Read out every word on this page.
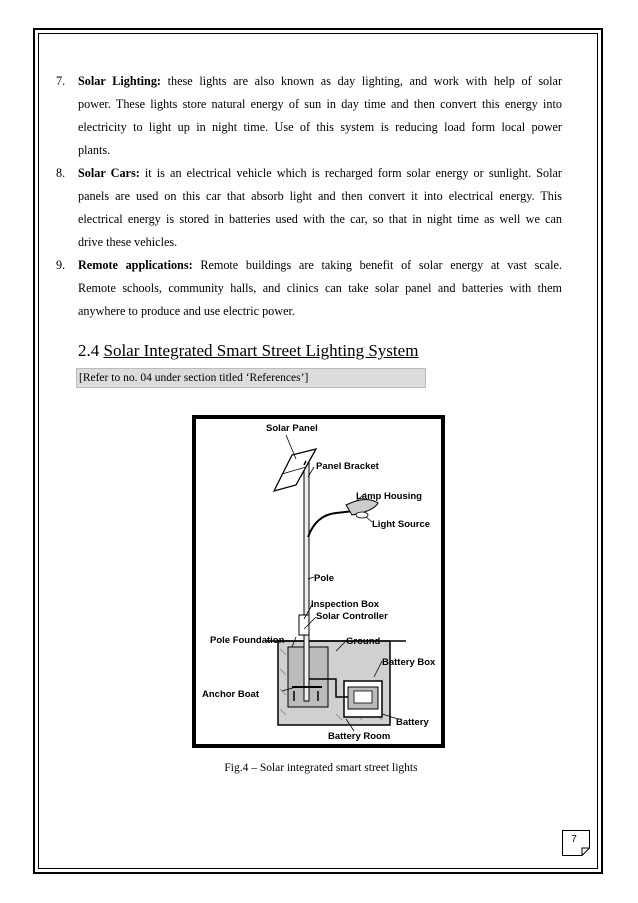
7. Solar Lighting: these lights are also known as day lighting, and work with help of solar
power. These lights store natural energy of sun in day time and then convert this energy into
electricity to light up in night time. Use of this system is reducing load form local power
plants.
8. Solar Cars: it is an electrical vehicle which is recharged form solar energy or sunlight. Solar
panels are used on this car that absorb light and then convert it into electrical energy. This
electrical energy is stored in batteries used with the car, so that in night time as well we can
drive these vehicles.
9. Remote applications: Remote buildings are taking benefit of solar energy at vast scale.
Remote schools, community halls, and clinics can take solar panel and batteries with them
anywhere to produce and use electric power.
2.4 Solar Integrated Smart Street Lighting System
[Refer to no. 04 under section titled ‘References’]
Solar Panel
Panel Bracket
Lamp Housing
Light Source
Pole
Inspection Box
Solar Controller
Pole Foundation	Ground
Battery Box
Anchor Boat
Battery
Battery Room
Fig.4 – Solar integrated smart street lights
7
